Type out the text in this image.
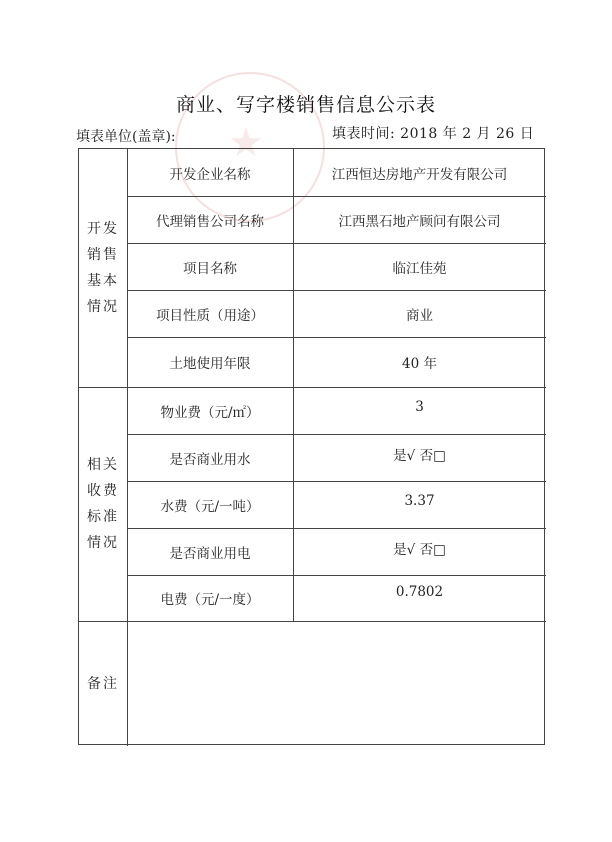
★
商业、写字楼销售信息公示表
填表单位(盖章):	填表时间: 2018 年 2 月 26 日
开发销售基本情况
相关收费标准情况
备注
开发企业名称	江西恒达房地产开发有限公司
代理销售公司名称	江西黑石地产顾问有限公司
项目名称	临江佳苑
项目性质（用途）	商业
土地使用年限	40 年
物业费（元/㎡）	3
是否商业用水	是√ 否□
水费（元/一吨）	3.37
是否商业用电	是√ 否□
电费（元/一度）	0.7802
